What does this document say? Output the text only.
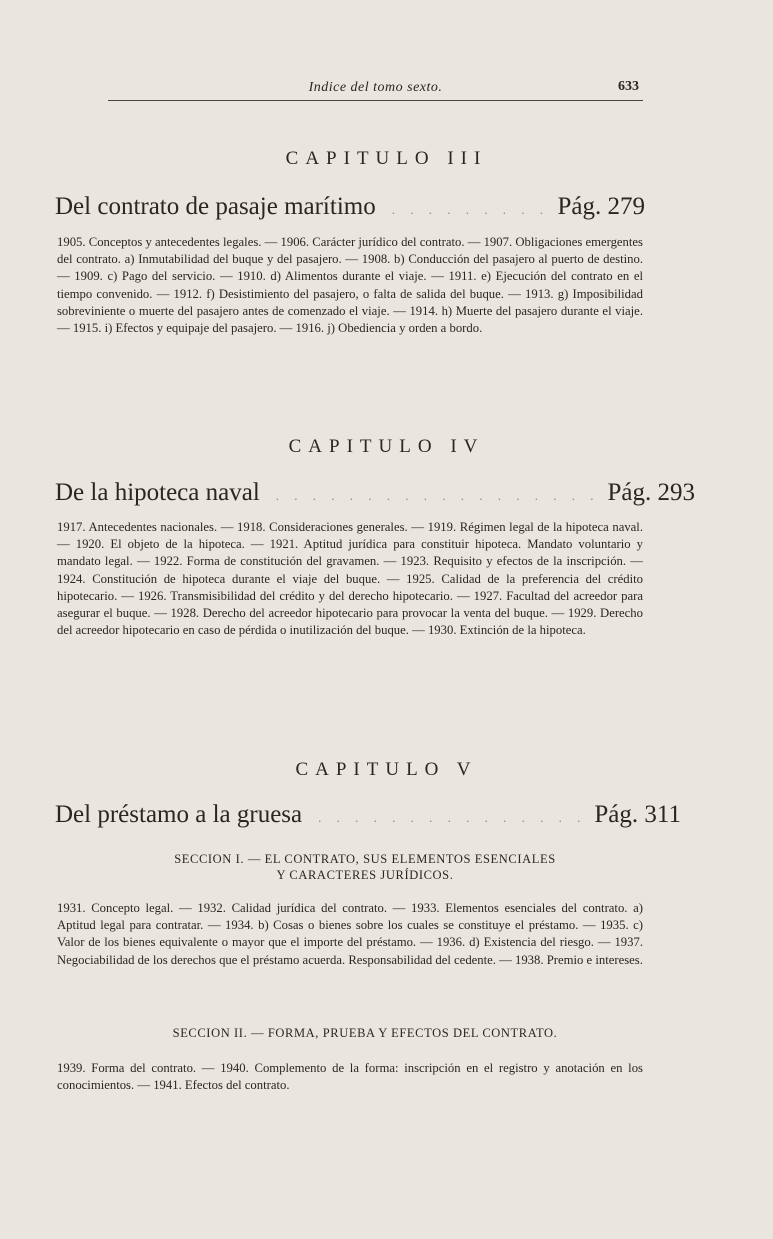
Indice del tomo sexto.	633
CAPITULO III
Del contrato de pasaje marítimo	. . . . . . . . . Pág. 279
1905. Conceptos y antecedentes legales. — 1906. Carácter jurídico del contrato. — 1907. Obligaciones emergentes del contrato. a) Inmutabilidad del buque y del pasajero. — 1908. b) Conducción del pasajero al puerto de destino.— 1909. c) Pago del servicio. — 1910. d) Alimentos durante el viaje. — 1911. e) Ejecución del contrato en el tiempo convenido. — 1912. f) Desistimiento del pasajero, o falta de salida del buque. — 1913. g) Imposibilidad sobreviniente o muerte del pasajero antes de comenzado el viaje. — 1914. h) Muerte del pasajero durante el viaje. — 1915. i) Efectos y equipaje del pasajero. — 1916. j) Obediencia y orden a bordo.
CAPITULO IV
De la hipoteca naval	. . . . . . . . . . . . . . . . . . Pág. 293
1917. Antecedentes nacionales. — 1918. Consideraciones generales. — 1919. Régimen legal de la hipoteca naval. — 1920. El objeto de la hipoteca. — 1921. Aptitud jurídica para constituir hipoteca. Mandato voluntario y mandato legal. — 1922. Forma de constitución del gravamen. — 1923. Requisito y efectos de la inscripción. — 1924. Constitución de hipoteca durante el viaje del buque. — 1925. Calidad de la preferencia del crédito hipotecario. — 1926. Transmisibilidad del crédito y del derecho hipotecario. — 1927. Facultad del acreedor para asegurar el buque. — 1928. Derecho del acreedor hipotecario para provocar la venta del buque. — 1929. Derecho del acreedor hipotecario en caso de pérdida o inutilización del buque. — 1930. Extinción de la hipoteca.
CAPITULO V
Del préstamo a la gruesa	. . . . . . . . . . . . . . . Pág. 311
SECCION I. — EL CONTRATO, SUS ELEMENTOS ESENCIALES
Y CARACTERES JURÍDICOS.
1931. Concepto legal. — 1932. Calidad jurídica del contrato. — 1933. Elementos esenciales del contrato. a) Aptitud legal para contratar. — 1934. b) Cosas o bienes sobre los cuales se constituye el préstamo. — 1935. c) Valor de los bienes equivalente o mayor que el importe del préstamo. — 1936. d) Existencia del riesgo. — 1937. Negociabilidad de los derechos que el préstamo acuerda. Responsabilidad del cedente. — 1938. Premio e intereses.
SECCION II. — FORMA, PRUEBA Y EFECTOS DEL CONTRATO.
1939. Forma del contrato. — 1940. Complemento de la forma: inscripción en el registro y anotación en los conocimientos. — 1941. Efectos del contrato.
